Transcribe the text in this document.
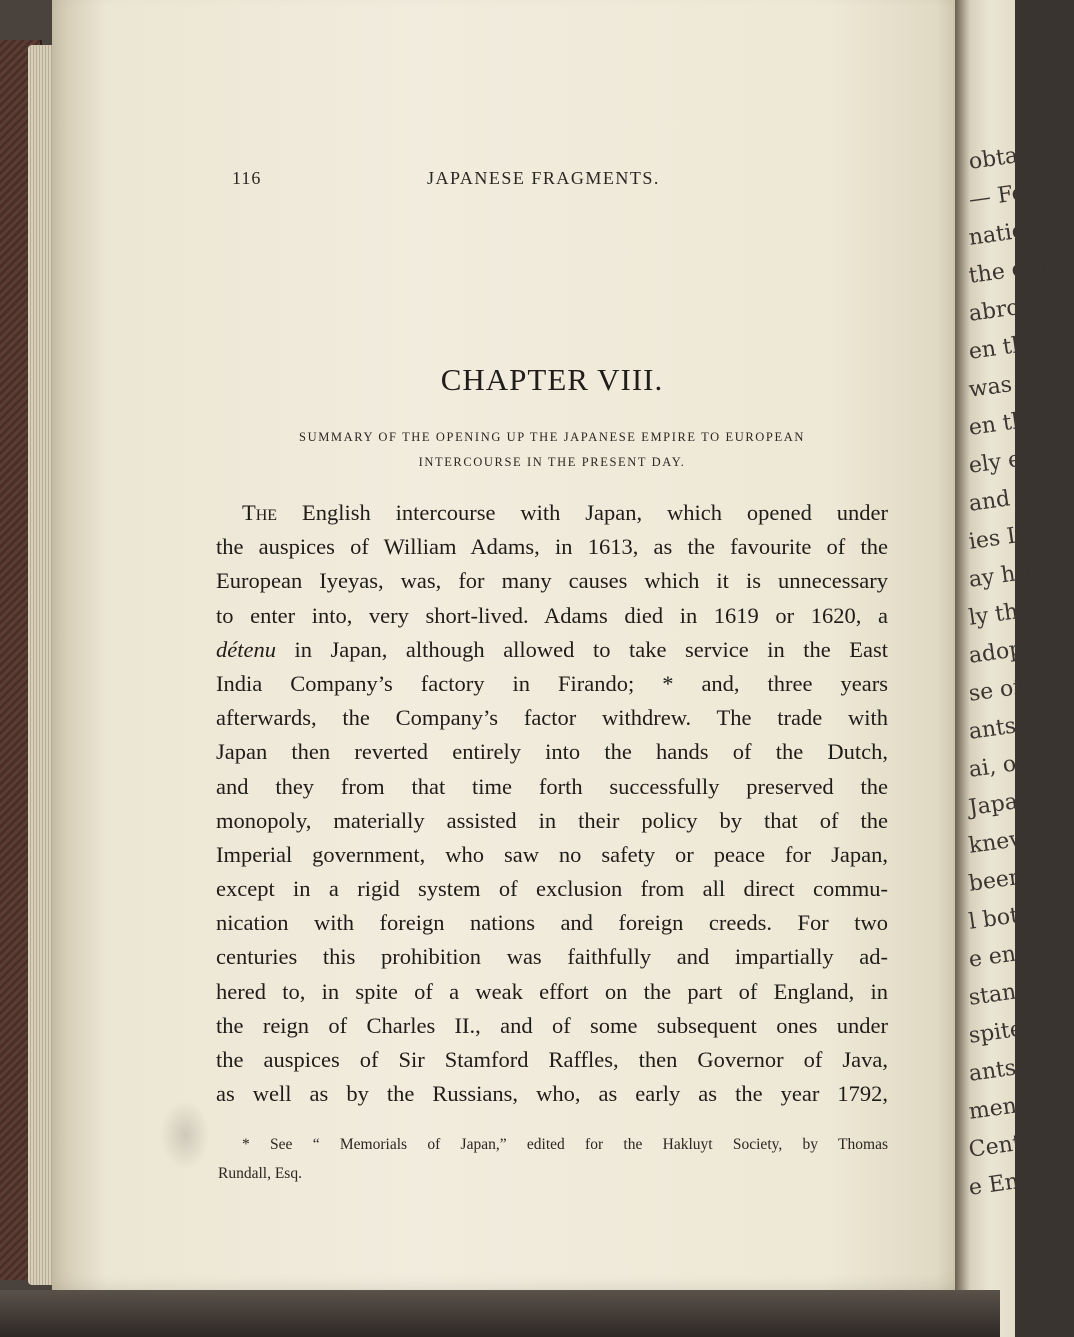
obtain
— For
nation
the cours
abroad,
en the E
was ab
en that
ely ens
and 184
ies Iyin
ay had d
ly the d
adopted
se offic
ants, la
ai, on
Japan
knew Cl
been o
l both
e enter
stants a
spite en
ants in
ment,
Central
e Engl
116	JAPANESE FRAGMENTS.
CHAPTER VIII.
SUMMARY OF THE OPENING UP THE JAPANESE EMPIRE TO EUROPEAN
INTERCOURSE IN THE PRESENT DAY.
The English intercourse with Japan, which opened under
the auspices of William Adams, in 1613, as the favourite of the
European Iyeyas, was, for many causes which it is unnecessary
to enter into, very short-lived. Adams died in 1619 or 1620, a
détenu in Japan, although allowed to take service in the East
India Company’s factory in Firando; * and, three years
afterwards, the Company’s factor withdrew. The trade with
Japan then reverted entirely into the hands of the Dutch,
and they from that time forth successfully preserved the
monopoly, materially assisted in their policy by that of the
Imperial government, who saw no safety or peace for Japan,
except in a rigid system of exclusion from all direct commu-
nication with foreign nations and foreign creeds. For two
centuries this prohibition was faithfully and impartially ad-
hered to, in spite of a weak effort on the part of England, in
the reign of Charles II., and of some subsequent ones under
the auspices of Sir Stamford Raffles, then Governor of Java,
as well as by the Russians, who, as early as the year 1792,
* See “ Memorials of Japan,” edited for the Hakluyt Society, by Thomas
Rundall, Esq.
